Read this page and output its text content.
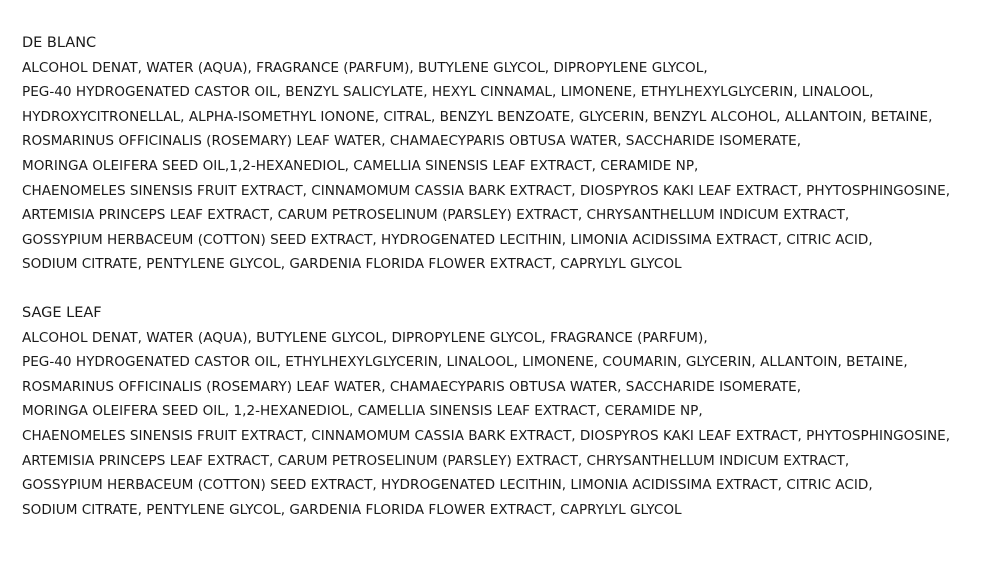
DE BLANC
ALCOHOL DENAT, WATER (AQUA), FRAGRANCE (PARFUM), BUTYLENE GLYCOL, DIPROPYLENE GLYCOL,
PEG-40 HYDROGENATED CASTOR OIL, BENZYL SALICYLATE, HEXYL CINNAMAL, LIMONENE, ETHYLHEXYLGLYCERIN, LINALOOL,
HYDROXYCITRONELLAL, ALPHA-ISOMETHYL IONONE, CITRAL, BENZYL BENZOATE, GLYCERIN, BENZYL ALCOHOL, ALLANTOIN, BETAINE,
ROSMARINUS OFFICINALIS (ROSEMARY) LEAF WATER, CHAMAECYPARIS OBTUSA WATER, SACCHARIDE ISOMERATE,
MORINGA OLEIFERA SEED OIL,1,2-HEXANEDIOL, CAMELLIA SINENSIS LEAF EXTRACT, CERAMIDE NP,
CHAENOMELES SINENSIS FRUIT EXTRACT, CINNAMOMUM CASSIA BARK EXTRACT, DIOSPYROS KAKI LEAF EXTRACT, PHYTOSPHINGOSINE,
ARTEMISIA PRINCEPS LEAF EXTRACT, CARUM PETROSELINUM (PARSLEY) EXTRACT, CHRYSANTHELLUM INDICUM EXTRACT,
GOSSYPIUM HERBACEUM (COTTON) SEED EXTRACT, HYDROGENATED LECITHIN, LIMONIA ACIDISSIMA EXTRACT, CITRIC ACID,
SODIUM CITRATE, PENTYLENE GLYCOL, GARDENIA FLORIDA FLOWER EXTRACT, CAPRYLYL GLYCOL
SAGE LEAF
ALCOHOL DENAT, WATER (AQUA), BUTYLENE GLYCOL, DIPROPYLENE GLYCOL, FRAGRANCE (PARFUM),
PEG-40 HYDROGENATED CASTOR OIL, ETHYLHEXYLGLYCERIN, LINALOOL, LIMONENE, COUMARIN, GLYCERIN, ALLANTOIN, BETAINE,
ROSMARINUS OFFICINALIS (ROSEMARY) LEAF WATER, CHAMAECYPARIS OBTUSA WATER, SACCHARIDE ISOMERATE,
MORINGA OLEIFERA SEED OIL, 1,2-HEXANEDIOL, CAMELLIA SINENSIS LEAF EXTRACT, CERAMIDE NP,
CHAENOMELES SINENSIS FRUIT EXTRACT, CINNAMOMUM CASSIA BARK EXTRACT, DIOSPYROS KAKI LEAF EXTRACT, PHYTOSPHINGOSINE,
ARTEMISIA PRINCEPS LEAF EXTRACT, CARUM PETROSELINUM (PARSLEY) EXTRACT, CHRYSANTHELLUM INDICUM EXTRACT,
GOSSYPIUM HERBACEUM (COTTON) SEED EXTRACT, HYDROGENATED LECITHIN, LIMONIA ACIDISSIMA EXTRACT, CITRIC ACID,
SODIUM CITRATE, PENTYLENE GLYCOL, GARDENIA FLORIDA FLOWER EXTRACT, CAPRYLYL GLYCOL
